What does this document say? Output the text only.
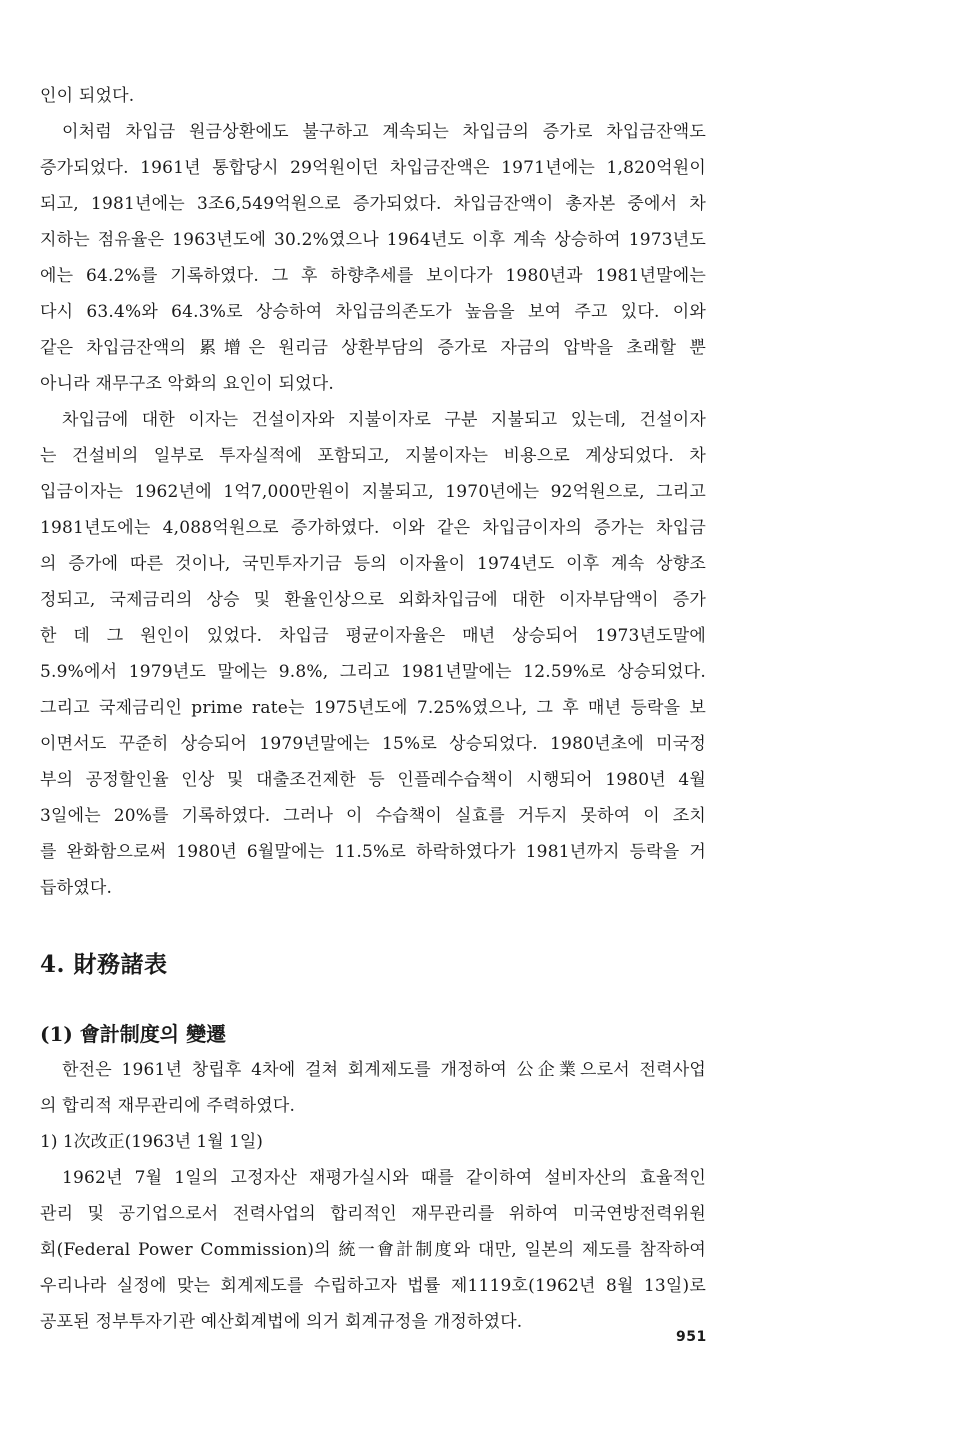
인이 되었다.
이처럼 차입금 원금상환에도 불구하고 계속되는 차입금의 증가로 차입금잔액도
증가되었다. 1961년 통합당시 29억원이던 차입금잔액은 1971년에는 1,820억원이
되고, 1981년에는 3조6,549억원으로 증가되었다. 차입금잔액이 총자본 중에서 차
지하는 점유율은 1963년도에 30.2%였으나 1964년도 이후 계속 상승하여 1973년도
에는 64.2%를 기록하였다. 그 후 하향추세를 보이다가 1980년과 1981년말에는
다시 63.4%와 64.3%로 상승하여 차입금의존도가 높음을 보여 주고 있다. 이와
같은 차입금잔액의 累增은 원리금 상환부담의 증가로 자금의 압박을 초래할 뿐
아니라 재무구조 악화의 요인이 되었다.
차입금에 대한 이자는 건설이자와 지불이자로 구분 지불되고 있는데, 건설이자
는 건설비의 일부로 투자실적에 포함되고, 지불이자는 비용으로 계상되었다. 차
입금이자는 1962년에 1억7,000만원이 지불되고, 1970년에는 92억원으로, 그리고
1981년도에는 4,088억원으로 증가하였다. 이와 같은 차입금이자의 증가는 차입금
의 증가에 따른 것이나, 국민투자기금 등의 이자율이 1974년도 이후 계속 상향조
정되고, 국제금리의 상승 및 환율인상으로 외화차입금에 대한 이자부담액이 증가
한 데 그 원인이 있었다. 차입금 평균이자율은 매년 상승되어 1973년도말에
5.9%에서 1979년도 말에는 9.8%, 그리고 1981년말에는 12.59%로 상승되었다.
그리고 국제금리인 prime rate는 1975년도에 7.25%였으나, 그 후 매년 등락을 보
이면서도 꾸준히 상승되어 1979년말에는 15%로 상승되었다. 1980년초에 미국정
부의 공정할인율 인상 및 대출조건제한 등 인플레수습책이 시행되어 1980년 4월
3일에는 20%를 기록하였다. 그러나 이 수습책이 실효를 거두지 못하여 이 조치
를 완화함으로써 1980년 6월말에는 11.5%로 하락하였다가 1981년까지 등락을 거
듭하였다.
4. 財務諸表
(1) 會計制度의 變遷
한전은 1961년 창립후 4차에 걸쳐 회계제도를 개정하여 公企業으로서 전력사업
의 합리적 재무관리에 주력하였다.
1) 1次改正(1963년 1월 1일)
1962년 7월 1일의 고정자산 재평가실시와 때를 같이하여 설비자산의 효율적인
관리 및 공기업으로서 전력사업의 합리적인 재무관리를 위하여 미국연방전력위원
회(Federal Power Commission)의 統一會計制度와 대만, 일본의 제도를 참작하여
우리나라 실정에 맞는 회계제도를 수립하고자 법률 제1119호(1962년 8월 13일)로
공포된 정부투자기관 예산회계법에 의거 회계규정을 개정하였다.
951
